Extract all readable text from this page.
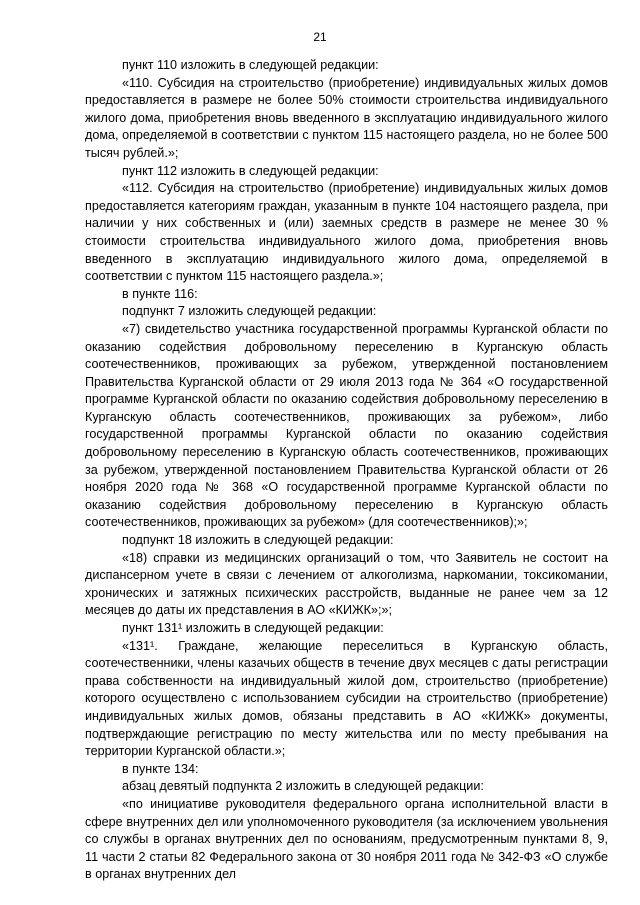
21

пункт 110 изложить в следующей редакции:

«110. Субсидия на строительство (приобретение) индивидуальных жилых домов предоставляется в размере не более 50% стоимости строительства индивидуального жилого дома, приобретения вновь введенного в эксплуатацию индивидуального жилого дома, определяемой в соответствии с пунктом 115 настоящего раздела, но не более 500 тысяч рублей.»;

пункт 112 изложить в следующей редакции:

«112. Субсидия на строительство (приобретение) индивидуальных жилых домов предоставляется категориям граждан, указанным в пункте 104 настоящего раздела, при наличии у них собственных и (или) заемных средств в размере не менее 30 % стоимости строительства индивидуального жилого дома, приобретения вновь введенного в эксплуатацию индивидуального жилого дома, определяемой в соответствии с пунктом 115 настоящего раздела.»;

в пункте 116:

подпункт 7 изложить следующей редакции:

«7) свидетельство участника государственной программы Курганской области по оказанию содействия добровольному переселению в Курганскую область соотечественников, проживающих за рубежом, утвержденной постановлением Правительства Курганской области от 29 июля 2013 года № 364 «О государственной программе Курганской области по оказанию содействия добровольному переселению в Курганскую область соотечественников, проживающих за рубежом», либо государственной программы Курганской области по оказанию содействия добровольному переселению в Курганскую область соотечественников, проживающих за рубежом, утвержденной постановлением Правительства Курганской области от 26 ноября 2020 года № 368 «О государственной программе Курганской области по оказанию содействия добровольному переселению в Курганскую область соотечественников, проживающих за рубежом» (для соотечественников);»;

подпункт 18 изложить в следующей редакции:

«18) справки из медицинских организаций о том, что Заявитель не состоит на диспансерном учете в связи с лечением от алкоголизма, наркомании, токсикомании, хронических и затяжных психических расстройств, выданные не ранее чем за 12 месяцев до даты их представления в АО «КИЖК»;»;

пункт 131¹ изложить в следующей редакции:

«131¹. Граждане, желающие переселиться в Курганскую область, соотечественники, члены казачьих обществ в течение двух месяцев с даты регистрации права собственности на индивидуальный жилой дом, строительство (приобретение) которого осуществлено с использованием субсидии на строительство (приобретение) индивидуальных жилых домов, обязаны представить в АО «КИЖК» документы, подтверждающие регистрацию по месту жительства или по месту пребывания на территории Курганской области.»;

в пункте 134:

абзац девятый подпункта 2 изложить в следующей редакции:

«по инициативе руководителя федерального органа исполнительной власти в сфере внутренних дел или уполномоченного руководителя (за исключением увольнения со службы в органах внутренних дел по основаниям, предусмотренным пунктами 8, 9, 11 части 2 статьи 82 Федерального закона от 30 ноября 2011 года № 342-ФЗ «О службе в органах внутренних дел
